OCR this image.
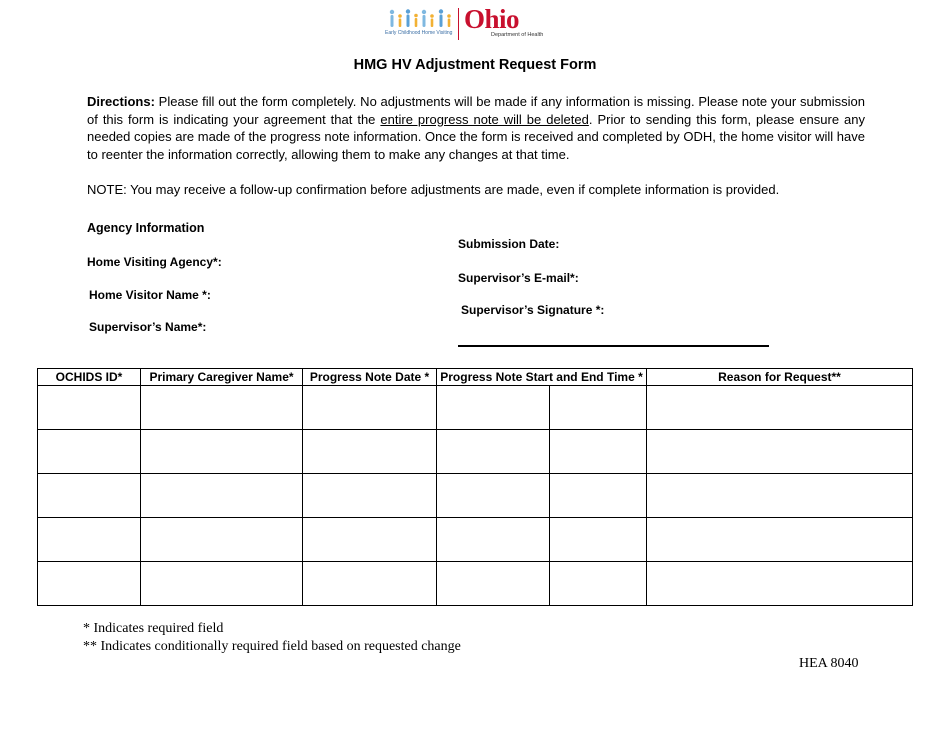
Early Childhood Home Visiting Ohio
Department of Health
HMG HV Adjustment Request Form
Directions: Please fill out the form completely. No adjustments will be made if any information is missing. Please note your submission of this form is indicating your agreement that the entire progress note will be deleted. Prior to sending this form, please ensure any needed copies are made of the progress note information. Once the form is received and completed by ODH, the home visitor will have to reenter the information correctly, allowing them to make any changes at that time.
NOTE: You may receive a follow-up confirmation before adjustments are made, even if complete information is provided.
Agency Information
Home Visiting Agency*:
Home Visitor Name *:
Supervisor’s Name*:
Submission Date:
Supervisor’s E-mail*:
Supervisor’s Signature *:
OCHIDS ID*	Primary Caregiver Name*	Progress Note Date *	Progress Note Start and End Time *		Reason for Request**

* Indicates required field
** Indicates conditionally required field based on requested change
HEA 8040
